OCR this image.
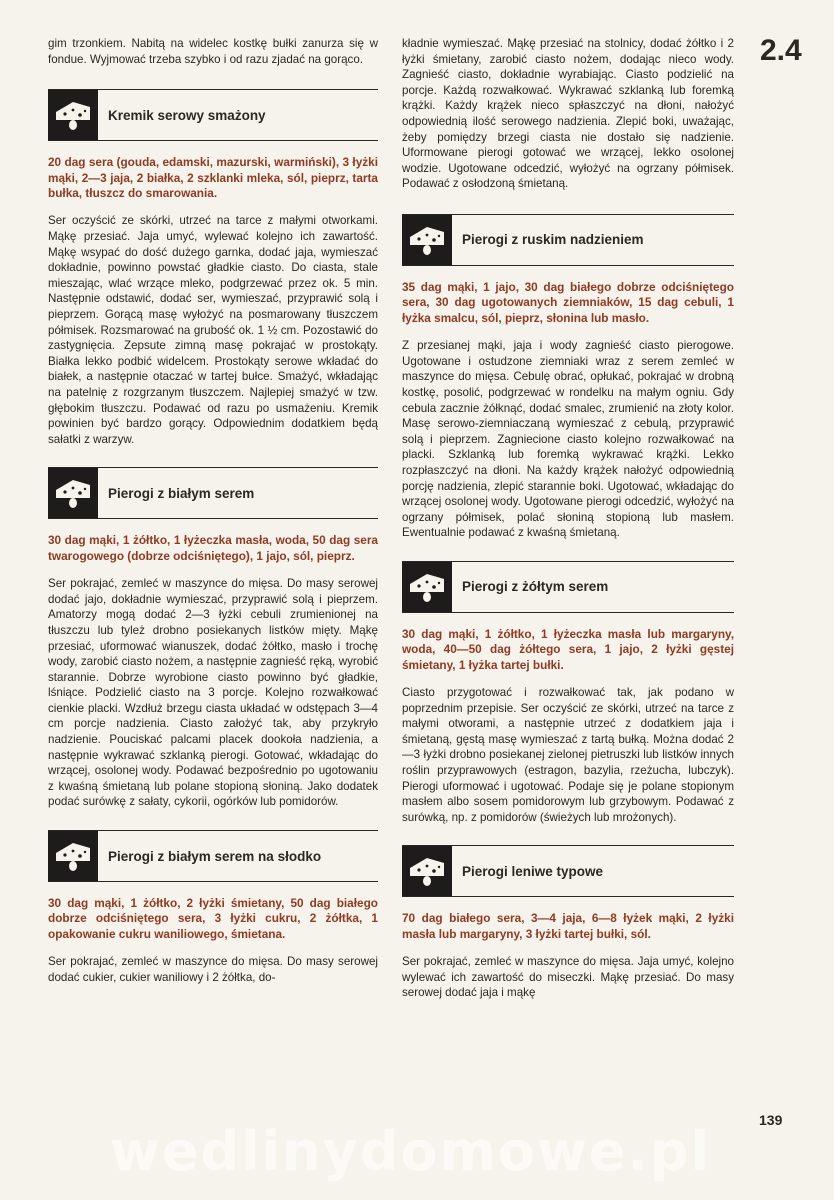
2.4

gim trzonkiem. Nabitą na widelec kostkę bułki zanurza się w fondue. Wyjmować trzeba szybko i od razu zjadać na gorąco.

Kremik serowy smażony

20 dag sera (gouda, edamski, mazurski, warmiński), 3 łyżki mąki, 2—3 jaja, 2 białka, 2 szklanki mleka, sól, pieprz, tarta bułka, tłuszcz do smarowania.

Ser oczyścić ze skórki, utrzeć na tarce z małymi otworkami. Mąkę przesiać. Jaja umyć, wylewać kolejno ich zawartość. Mąkę wsypać do dość dużego garnka, dodać jaja, wymieszać dokładnie, powinno powstać gładkie ciasto. Do ciasta, stale mieszając, wlać wrzące mleko, podgrzewać przez ok. 5 min. Następnie odstawić, dodać ser, wymieszać, przyprawić solą i pieprzem. Gorącą masę wyłożyć na posmarowany tłuszczem półmisek. Rozsmarować na grubość ok. 1 ½ cm. Pozostawić do zastygnięcia. Zepsute zimną masę pokrajać w prostokąty. Białka lekko podbić widelcem. Prostokąty serowe wkładać do białek, a następnie otaczać w tartej bułce. Smażyć, wkładając na patelnię z rozgrzanym tłuszczem. Najlepiej smażyć w tzw. głębokim tłuszczu. Podawać od razu po usmażeniu. Kremik powinien być bardzo gorący. Odpowiednim dodatkiem będą sałatki z warzyw.

Pierogi z białym serem

30 dag mąki, 1 żółtko, 1 łyżeczka masła, woda, 50 dag sera twarogowego (dobrze odciśniętego), 1 jajo, sól, pieprz.

Ser pokrajać, zemleć w maszynce do mięsa. Do masy serowej dodać jajo, dokładnie wymieszać, przyprawić solą i pieprzem. Amatorzy mogą dodać 2—3 łyżki cebuli zrumienionej na tłuszczu lub tyleż drobno posiekanych listków mięty. Mąkę przesiać, uformować wianuszek, dodać żółtko, masło i trochę wody, zarobić ciasto nożem, a następnie zagnieść ręką, wyrobić starannie. Dobrze wyrobione ciasto powinno być gładkie, lśniące. Podzielić ciasto na 3 porcje. Kolejno rozwałkować cienkie placki. Wzdłuż brzegu ciasta układać w odstępach 3—4 cm porcje nadzienia. Ciasto założyć tak, aby przykryło nadzienie. Pouciskać palcami placek dookoła nadzienia, a następnie wykrawać szklanką pierogi. Gotować, wkładając do wrzącej, osolonej wody. Podawać bezpośrednio po ugotowaniu z kwaśną śmietaną lub polane stopioną słoniną. Jako dodatek podać surówkę z sałaty, cykorii, ogórków lub pomidorów.

Pierogi z białym serem na słodko

30 dag mąki, 1 żółtko, 2 łyżki śmietany, 50 dag białego dobrze odciśniętego sera, 3 łyżki cukru, 2 żółtka, 1 opakowanie cukru waniliowego, śmietana.

Ser pokrajać, zemleć w maszynce do mięsa. Do masy serowej dodać cukier, cukier waniliowy i 2 żółtka, do-

kładnie wymieszać. Mąkę przesiać na stolnicy, dodać żółtko i 2 łyżki śmietany, zarobić ciasto nożem, dodając nieco wody. Zagnieść ciasto, dokładnie wyrabiając. Ciasto podzielić na porcje. Każdą rozwałkować. Wykrawać szklanką lub foremką krążki. Każdy krążek nieco spłaszczyć na dłoni, nałożyć odpowiednią ilość serowego nadzienia. Zlepić boki, uważając, żeby pomiędzy brzegi ciasta nie dostało się nadzienie. Uformowane pierogi gotować we wrzącej, lekko osolonej wodzie. Ugotowane odcedzić, wyłożyć na ogrzany półmisek. Podawać z osłodzoną śmietaną.

Pierogi z ruskim nadzieniem

35 dag mąki, 1 jajo, 30 dag białego dobrze odciśniętego sera, 30 dag ugotowanych ziemniaków, 15 dag cebuli, 1 łyżka smalcu, sól, pieprz, słonina lub masło.

Z przesianej mąki, jaja i wody zagnieść ciasto pierogowe. Ugotowane i ostudzone ziemniaki wraz z serem zemleć w maszynce do mięsa. Cebulę obrać, opłukać, pokrajać w drobną kostkę, posolić, podgrzewać w rondelku na małym ogniu. Gdy cebula zacznie żółknąć, dodać smalec, zrumienić na złoty kolor. Masę serowo-ziemniaczaną wymieszać z cebulą, przyprawić solą i pieprzem. Zagniecione ciasto kolejno rozwałkować na placki. Szklanką lub foremką wykrawać krążki. Lekko rozpłaszczyć na dłoni. Na każdy krążek nałożyć odpowiednią porcję nadzienia, zlepić starannie boki. Ugotować, wkładając do wrzącej osolonej wody. Ugotowane pierogi odcedzić, wyłożyć na ogrzany półmisek, polać słoniną stopioną lub masłem. Ewentualnie podawać z kwaśną śmietaną.

Pierogi z żółtym serem

30 dag mąki, 1 żółtko, 1 łyżeczka masła lub margaryny, woda, 40—50 dag żółtego sera, 1 jajo, 2 łyżki gęstej śmietany, 1 łyżka tartej bułki.

Ciasto przygotować i rozwałkować tak, jak podano w poprzednim przepisie. Ser oczyścić ze skórki, utrzeć na tarce z małymi otworami, a następnie utrzeć z dodatkiem jaja i śmietaną, gęstą masę wymieszać z tartą bułką. Można dodać 2—3 łyżki drobno posiekanej zielonej pietruszki lub listków innych roślin przyprawowych (estragon, bazylia, rzeżucha, lubczyk). Pierogi uformować i ugotować. Podaje się je polane stopionym masłem albo sosem pomidorowym lub grzybowym. Podawać z surówką, np. z pomidorów (świeżych lub mrożonych).

Pierogi leniwe typowe

70 dag białego sera, 3—4 jaja, 6—8 łyżek mąki, 2 łyżki masła lub margaryny, 3 łyżki tartej bułki, sól.

Ser pokrajać, zemleć w maszynce do mięsa. Jaja umyć, kolejno wylewać ich zawartość do miseczki. Mąkę przesiać. Do masy serowej dodać jaja i mąkę

wedlinydomowe.pl	139
